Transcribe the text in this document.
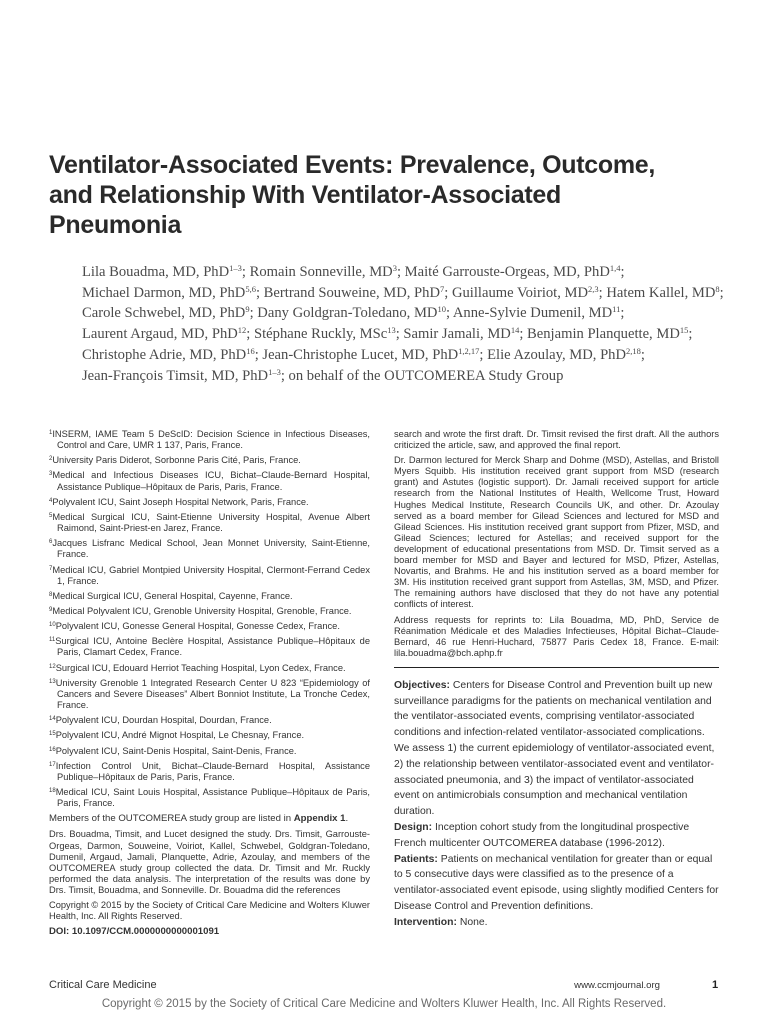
Ventilator-Associated Events: Prevalence, Outcome,
and Relationship With Ventilator-Associated
Pneumonia
Lila Bouadma, MD, PhD$^{1-3}$; Romain Sonneville, $MD^3$; Maité Garrouste-Orgeas, MD, PhD$^{1,4}$;
Michael Darmon, MD, PhD$^{5,6}$; Bertrand Souweine, MD, PhD$^7$; Guillaume Voiriot, MD$^{2,3}$; Hatem Kallel, $MD^8$;
Carole Schwebel, MD, PhD$^9$; Dany Goldgran-Toledano, MD$^{10}$; Anne-Sylvie Dumenil, MD$^{11}$;
Laurent Argaud, MD, PhD$^{12}$; Stéphane Ruckly, MSc$^{13}$; Samir Jamali, MD$^{14}$; Benjamin Planquette, MD$^{15}$;
Christophe Adrie, MD, PhD$^{16}$; Jean-Christophe Lucet, MD, PhD$^{1,2,17}$; Elie Azoulay, MD, PhD$^{2,18}$;
Jean-François Timsit, MD, PhD$^{1-3}$; on behalf of the OUTCOMEREA Study Group
$^1$INSERM, IAME Team 5 DeScID: Decision Science in Infectious Diseases, Control and Care, UMR 1 137, Paris, France.
$^2$University Paris Diderot, Sorbonne Paris Cité, Paris, France.
$^3$Medical and Infectious Diseases ICU, Bichat–Claude-Bernard Hospital, Assistance Publique–Hôpitaux de Paris, Paris, France.
$^4$Polyvalent ICU, Saint Joseph Hospital Network, Paris, France.
$^5$Medical Surgical ICU, Saint-Etienne University Hospital, Avenue Albert Raimond, Saint-Priest-en Jarez, France.
$^6$Jacques Lisfranc Medical School, Jean Monnet University, Saint-Etienne, France.
$^7$Medical ICU, Gabriel Montpied University Hospital, Clermont-Ferrand Cedex 1, France.
$^8$Medical Surgical ICU, General Hospital, Cayenne, France.
$^9$Medical Polyvalent ICU, Grenoble University Hospital, Grenoble, France.
$^{10}$Polyvalent ICU, Gonesse General Hospital, Gonesse Cedex, France.
$^{11}$Surgical ICU, Antoine Beclère Hospital, Assistance Publique–Hôpitaux de Paris, Clamart Cedex, France.
$^{12}$Surgical ICU, Edouard Herriot Teaching Hospital, Lyon Cedex, France.
$^{13}$University Grenoble 1 Integrated Research Center U 823 “Epidemiology of Cancers and Severe Diseases” Albert Bonniot Institute, La Tronche Cedex, France.
$^{14}$Polyvalent ICU, Dourdan Hospital, Dourdan, France.
$^{15}$Polyvalent ICU, André Mignot Hospital, Le Chesnay, France.
$^{16}$Polyvalent ICU, Saint-Denis Hospital, Saint-Denis, France.
$^{17}$Infection Control Unit, Bichat–Claude-Bernard Hospital, Assistance Publique–Hôpitaux de Paris, Paris, France.
$^{18}$Medical ICU, Saint Louis Hospital, Assistance Publique–Hôpitaux de Paris, Paris, France.
Members of the OUTCOMEREA study group are listed in Appendix 1.

Drs. Bouadma, Timsit, and Lucet designed the study. Drs. Timsit, Garrouste-Orgeas, Darmon, Souweine, Voiriot, Kallel, Schwebel, Goldgran-Toledano, Dumenil, Argaud, Jamali, Planquette, Adrie, Azoulay, and members of the OUTCOMEREA study group collected the data. Dr. Timsit and Mr. Ruckly performed the data analysis. The interpretation of the results was done by Drs. Timsit, Bouadma, and Sonneville. Dr. Bouadma did the references

Copyright © 2015 by the Society of Critical Care Medicine and Wolters Kluwer Health, Inc. All Rights Reserved.

DOI: 10.1097/CCM.0000000000001091

search and wrote the first draft. Dr. Timsit revised the first draft. All the authors criticized the article, saw, and approved the final report.

Dr. Darmon lectured for Merck Sharp and Dohme (MSD), Astellas, and Bristoll Myers Squibb. His institution received grant support from MSD (research grant) and Astutes (logistic support). Dr. Jamali received support for article research from the National Institutes of Health, Wellcome Trust, Howard Hughes Medical Institute, Research Councils UK, and other. Dr. Azoulay served as a board member for Gilead Sciences and lectured for MSD and Gilead Sciences. His institution received grant support from Pfizer, MSD, and Gilead Sciences; lectured for Astellas; and received support for the development of educational presentations from MSD. Dr. Timsit served as a board member for MSD and Bayer and lectured for MSD, Pfizer, Astellas, Novartis, and Brahms. He and his institution served as a board member for 3M. His institution received grant support from Astellas, 3M, MSD, and Pfizer. The remaining authors have disclosed that they do not have any potential conflicts of interest.

Address requests for reprints to: Lila Bouadma, MD, PhD, Service de Réanimation Médicale et des Maladies Infectieuses, Hôpital Bichat–Claude-Bernard, 46 rue Henri-Huchard, 75877 Paris Cedex 18, France. E-mail: lila.bouadma@bch.aphp.fr

Objectives: Centers for Disease Control and Prevention built up new surveillance paradigms for the patients on mechanical ventilation and the ventilator-associated events, comprising ventilator-associated conditions and infection-related ventilator-associated complications. We assess 1) the current epidemiology of ventilator-associated event, 2) the relationship between ventilator-associated event and ventilator-associated pneumonia, and 3) the impact of ventilator-associated event on antimicrobials consumption and mechanical ventilation duration.

Design: Inception cohort study from the longitudinal prospective French multicenter OUTCOMEREA database (1996-2012).

Patients: Patients on mechanical ventilation for greater than or equal to 5 consecutive days were classified as to the presence of a ventilator-associated event episode, using slightly modified Centers for Disease Control and Prevention definitions.

Intervention: None.

Critical Care Medicine	www.ccmjournal.org	1
Copyright © 2015 by the Society of Critical Care Medicine and Wolters Kluwer Health, Inc. All Rights Reserved.
